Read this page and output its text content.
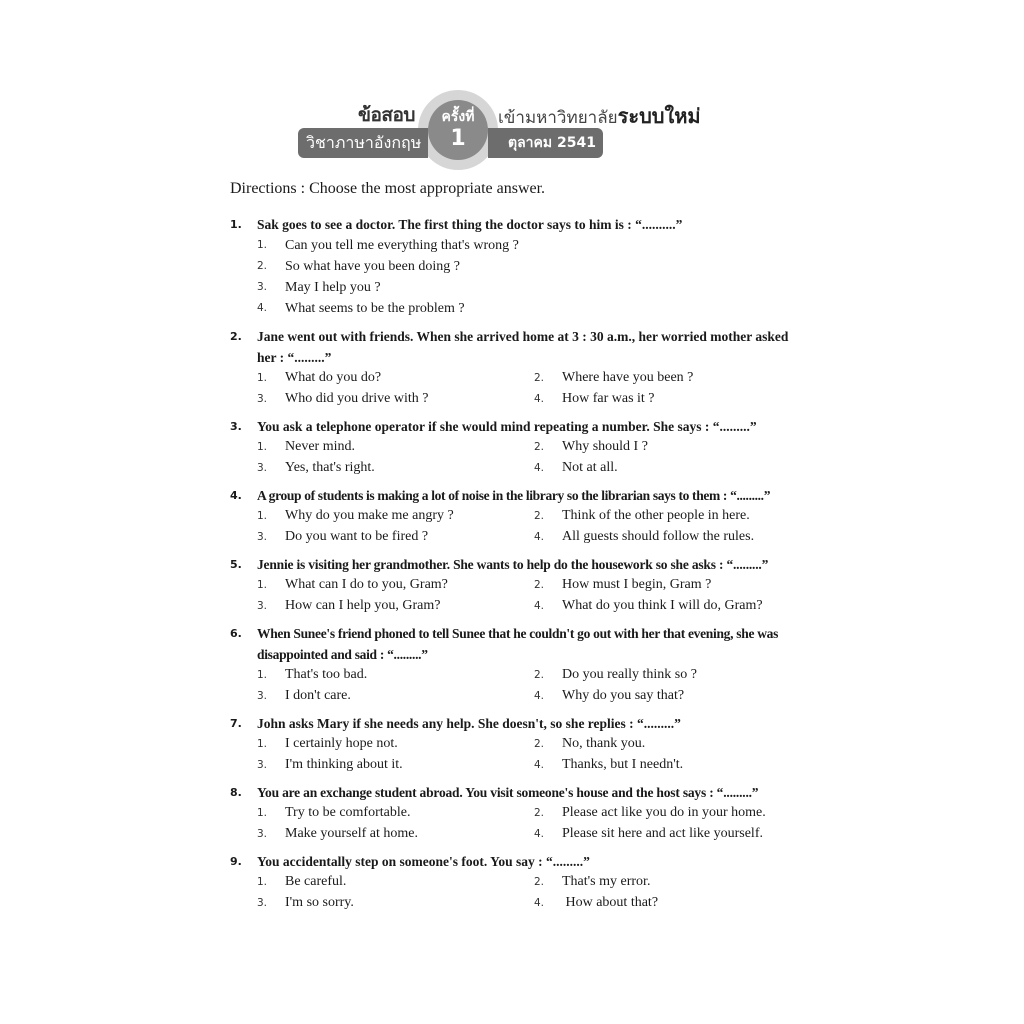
ข้อสอบ	เข้ามหาวิทยาลัยระบบใหม่
วิชาภาษาอังกฤษ	ตุลาคม 2541
ครั้งที่
1
Directions : Choose the most appropriate answer.
1.	Sak goes to see a doctor. The first thing the doctor says to him is : “..........”
1.	Can you tell me everything that's wrong ?
2.	So what have you been doing ?
3.	May I help you ?
4.	What seems to be the problem ?
2.	Jane went out with friends. When she arrived home at 3 : 30 a.m., her worried mother asked her : “.........”
1.	What do you do?	2.	Where have you been ?
3.	Who did you drive with ?	4.	How far was it ?
3.	You ask a telephone operator if she would mind repeating a number. She says : “.........”
1.	Never mind.	2.	Why should I ?
3.	Yes, that's right.	4.	Not at all.
4.	A group of students is making a lot of noise in the library so the librarian says to them : “.........”
1.	Why do you make me angry ?	2.	Think of the other people in here.
3.	Do you want to be fired ?	4.	All guests should follow the rules.
5.	Jennie is visiting her grandmother. She wants to help do the housework so she asks : “.........”
1.	What can I do to you, Gram?	2.	How must I begin, Gram ?
3.	How can I help you, Gram?	4.	What do you think I will do, Gram?
6.	When Sunee's friend phoned to tell Sunee that he couldn't go out with her that evening, she was disappointed and said : “.........”
1.	That's too bad.	2.	Do you really think so ?
3.	I don't care.	4.	Why do you say that?
7.	John asks Mary if she needs any help. She doesn't, so she replies : “.........”
1.	I certainly hope not.	2.	No, thank you.
3.	I'm thinking about it.	4.	Thanks, but I needn't.
8.	You are an exchange student abroad. You visit someone's house and the host says : “.........”
1.	Try to be comfortable.	2.	Please act like you do in your home.
3.	Make yourself at home.	4.	Please sit here and act like yourself.
9.	You accidentally step on someone's foot. You say : “.........”
1.	Be careful.	2.	That's my error.
3.	I'm so sorry.	4.	How about that?
